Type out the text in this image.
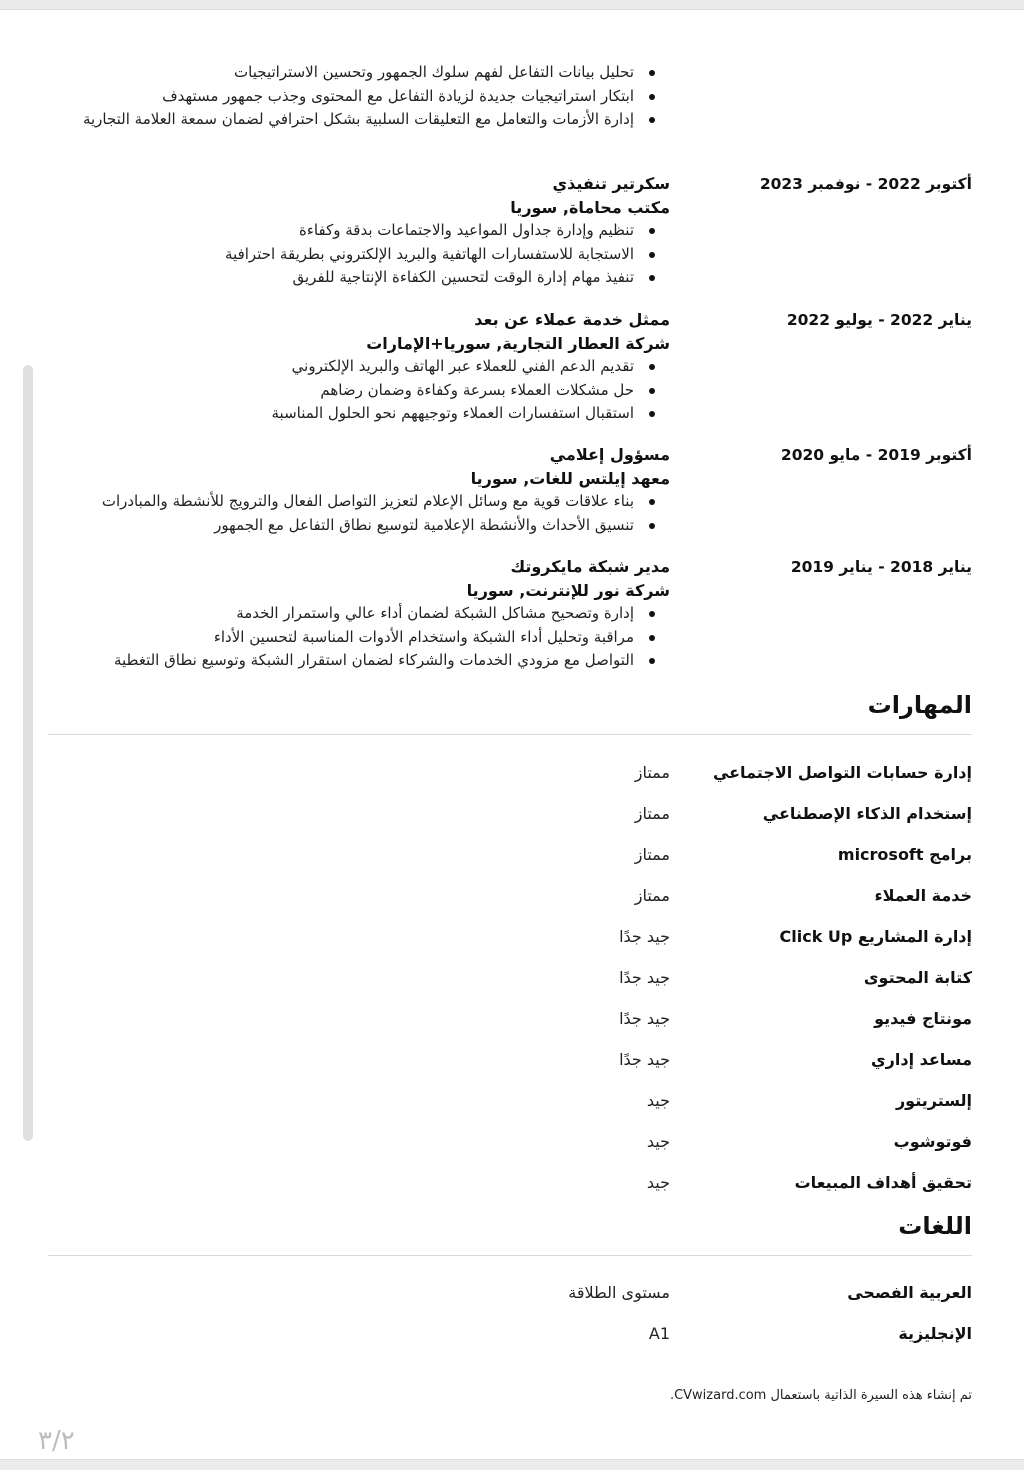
تحليل بيانات التفاعل لفهم سلوك الجمهور وتحسين الاستراتيجيات
ابتكار استراتيجيات جديدة لزيادة التفاعل مع المحتوى وجذب جمهور مستهدف
إدارة الأزمات والتعامل مع التعليقات السلبية بشكل احترافي لضمان سمعة العلامة التجارية
أكتوبر 2022 - نوفمبر 2023
سكرتير تنفيذي
مكتب محاماة, سوريا
تنظيم وإدارة جداول المواعيد والاجتماعات بدقة وكفاءة
الاستجابة للاستفسارات الهاتفية والبريد الإلكتروني بطريقة احترافية
تنفيذ مهام إدارة الوقت لتحسين الكفاءة الإنتاجية للفريق
يناير 2022 - يوليو 2022
ممثل خدمة عملاء عن بعد
شركة العطار التجارية, سوريا+الإمارات
تقديم الدعم الفني للعملاء عبر الهاتف والبريد الإلكتروني
حل مشكلات العملاء بسرعة وكفاءة وضمان رضاهم
استقبال استفسارات العملاء وتوجيههم نحو الحلول المناسبة
أكتوبر 2019 - مايو 2020
مسؤول إعلامي
معهد إيلتس للغات, سوريا
بناء علاقات قوية مع وسائل الإعلام لتعزيز التواصل الفعال والترويج للأنشطة والمبادرات
تنسيق الأحداث والأنشطة الإعلامية لتوسيع نطاق التفاعل مع الجمهور
يناير 2018 - يناير 2019
مدير شبكة مايكروتك
شركة نور للإنترنت, سوريا
إدارة وتصحيح مشاكل الشبكة لضمان أداء عالي واستمرار الخدمة
مراقبة وتحليل أداء الشبكة واستخدام الأدوات المناسبة لتحسين الأداء
التواصل مع مزودي الخدمات والشركاء لضمان استقرار الشبكة وتوسيع نطاق التغطية
المهارات
إدارة حسابات التواصل الاجتماعي
ممتاز
إستخدام الذكاء الإصطناعي
ممتاز
برامج microsoft
ممتاز
خدمة العملاء
ممتاز
إدارة المشاريع Click Up
جيد جدًا
كتابة المحتوى
جيد جدًا
مونتاج فيديو
جيد جدًا
مساعد إداري
جيد جدًا
إلستريتور
جيد
فوتوشوب
جيد
تحقيق أهداف المبيعات
جيد
اللغات
العربية الفصحى
مستوى الطلاقة
الإنجليزية
A1
تم إنشاء هذه السيرة الذاتية باستعمال CVwizard.com.
٣/٢
